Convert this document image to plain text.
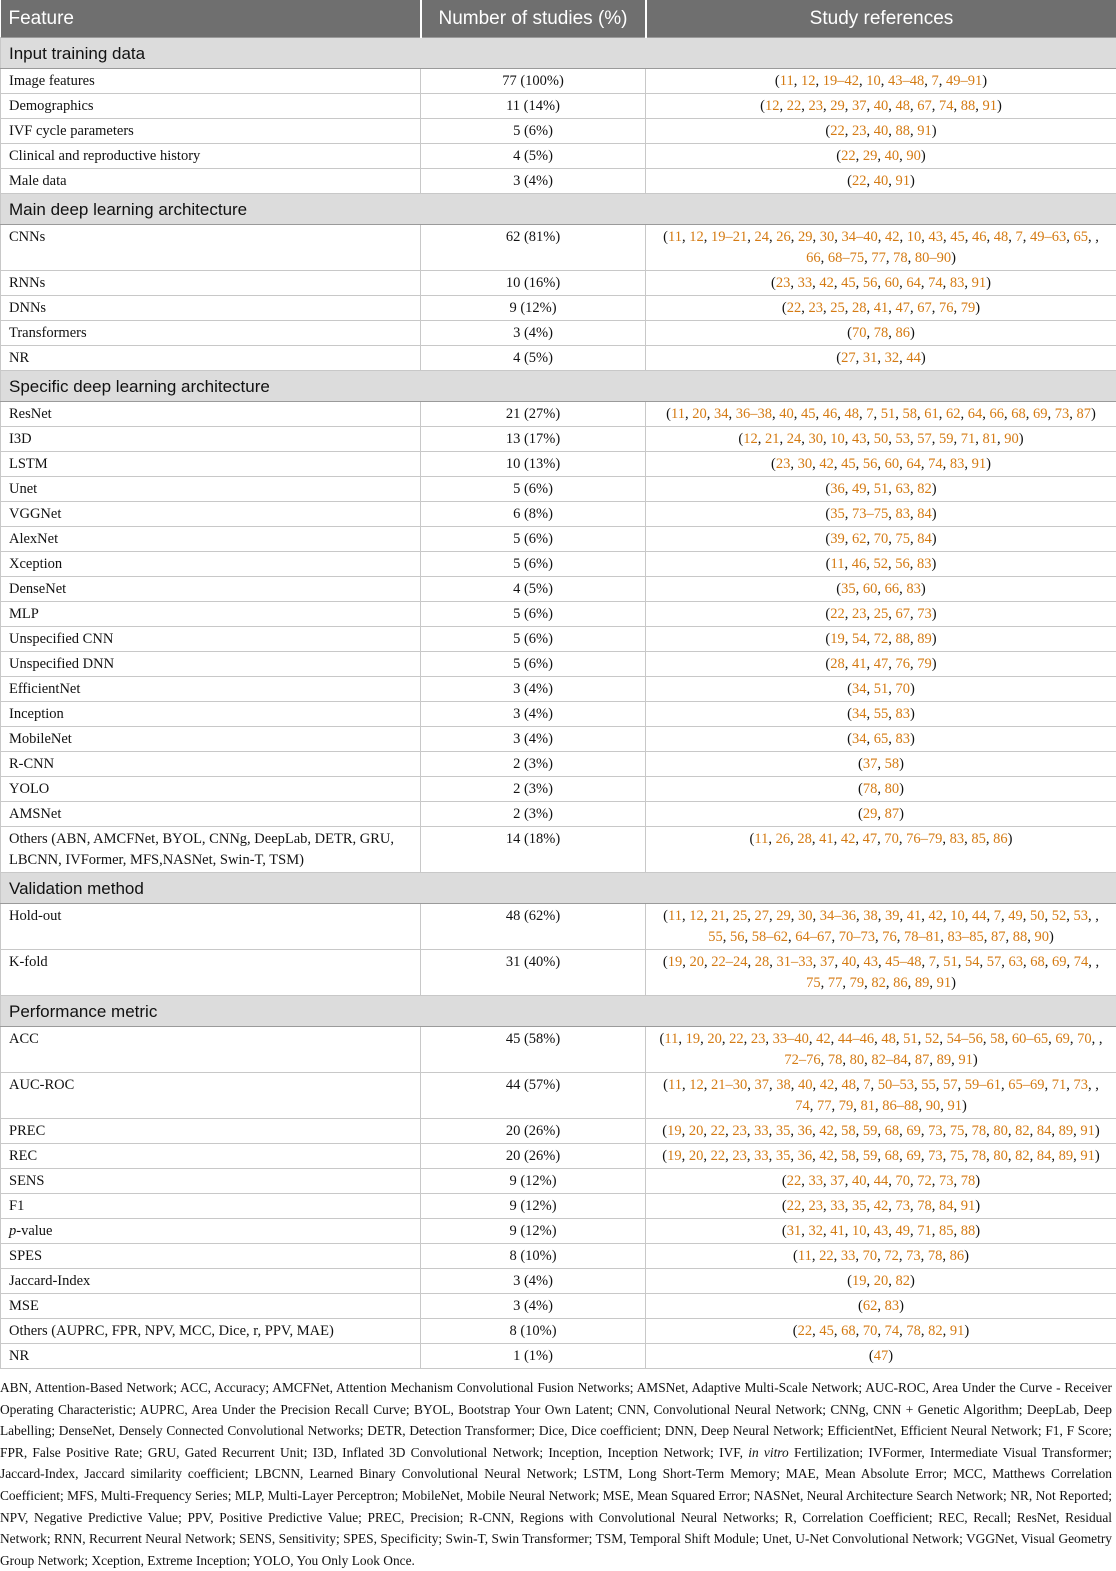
Feature	Number of studies (%)	Study references
Input training data		
Image features	77 (100%)	(11, 12, 19–42, 10, 43–48, 7, 49–91)
Demographics	11 (14%)	(12, 22, 23, 29, 37, 40, 48, 67, 74, 88, 91)
IVF cycle parameters	5 (6%)	(22, 23, 40, 88, 91)
Clinical and reproductive history	4 (5%)	(22, 29, 40, 90)
Male data	3 (4%)	(22, 40, 91)
Main deep learning architecture		
CNNs	62 (81%)	(11, 12, 19–21, 24, 26, 29, 30, 34–40, 42, 10, 43, 45, 46, 48, 7, 49–63, 65, ,
66, 68–75, 77, 78, 80–90)
RNNs	10 (16%)	(23, 33, 42, 45, 56, 60, 64, 74, 83, 91)
DNNs	9 (12%)	(22, 23, 25, 28, 41, 47, 67, 76, 79)
Transformers	3 (4%)	(70, 78, 86)
NR	4 (5%)	(27, 31, 32, 44)
Specific deep learning architecture		
ResNet	21 (27%)	(11, 20, 34, 36–38, 40, 45, 46, 48, 7, 51, 58, 61, 62, 64, 66, 68, 69, 73, 87)
I3D	13 (17%)	(12, 21, 24, 30, 10, 43, 50, 53, 57, 59, 71, 81, 90)
LSTM	10 (13%)	(23, 30, 42, 45, 56, 60, 64, 74, 83, 91)
Unet	5 (6%)	(36, 49, 51, 63, 82)
VGGNet	6 (8%)	(35, 73–75, 83, 84)
AlexNet	5 (6%)	(39, 62, 70, 75, 84)
Xception	5 (6%)	(11, 46, 52, 56, 83)
DenseNet	4 (5%)	(35, 60, 66, 83)
MLP	5 (6%)	(22, 23, 25, 67, 73)
Unspecified CNN	5 (6%)	(19, 54, 72, 88, 89)
Unspecified DNN	5 (6%)	(28, 41, 47, 76, 79)
EfficientNet	3 (4%)	(34, 51, 70)
Inception	3 (4%)	(34, 55, 83)
MobileNet	3 (4%)	(34, 65, 83)
R-CNN	2 (3%)	(37, 58)
YOLO	2 (3%)	(78, 80)
AMSNet	2 (3%)	(29, 87)
Others (ABN, AMCFNet, BYOL, CNNg, DeepLab, DETR, GRU, LBCNN, IVFormer, MFS,NASNet, Swin-T, TSM)	14 (18%)	(11, 26, 28, 41, 42, 47, 70, 76–79, 83, 85, 86)
Validation method		
Hold-out	48 (62%)	(11, 12, 21, 25, 27, 29, 30, 34–36, 38, 39, 41, 42, 10, 44, 7, 49, 50, 52, 53, ,
55, 56, 58–62, 64–67, 70–73, 76, 78–81, 83–85, 87, 88, 90)
K-fold	31 (40%)	(19, 20, 22–24, 28, 31–33, 37, 40, 43, 45–48, 7, 51, 54, 57, 63, 68, 69, 74, ,
75, 77, 79, 82, 86, 89, 91)
Performance metric		
ACC	45 (58%)	(11, 19, 20, 22, 23, 33–40, 42, 44–46, 48, 51, 52, 54–56, 58, 60–65, 69, 70, ,
72–76, 78, 80, 82–84, 87, 89, 91)
AUC-ROC	44 (57%)	(11, 12, 21–30, 37, 38, 40, 42, 48, 7, 50–53, 55, 57, 59–61, 65–69, 71, 73, ,
74, 77, 79, 81, 86–88, 90, 91)
PREC	20 (26%)	(19, 20, 22, 23, 33, 35, 36, 42, 58, 59, 68, 69, 73, 75, 78, 80, 82, 84, 89, 91)
REC	20 (26%)	(19, 20, 22, 23, 33, 35, 36, 42, 58, 59, 68, 69, 73, 75, 78, 80, 82, 84, 89, 91)
SENS	9 (12%)	(22, 33, 37, 40, 44, 70, 72, 73, 78)
F1	9 (12%)	(22, 23, 33, 35, 42, 73, 78, 84, 91)
p-value	9 (12%)	(31, 32, 41, 10, 43, 49, 71, 85, 88)
SPES	8 (10%)	(11, 22, 33, 70, 72, 73, 78, 86)
Jaccard-Index	3 (4%)	(19, 20, 82)
MSE	3 (4%)	(62, 83)
Others (AUPRC, FPR, NPV, MCC, Dice, r, PPV, MAE)	8 (10%)	(22, 45, 68, 70, 74, 78, 82, 91)
NR	1 (1%)	(47)

ABN, Attention-Based Network; ACC, Accuracy; AMCFNet, Attention Mechanism Convolutional Fusion Networks; AMSNet, Adaptive Multi-Scale Network; AUC-ROC, Area Under the Curve - Receiver Operating Characteristic; AUPRC, Area Under the Precision Recall Curve; BYOL, Bootstrap Your Own Latent; CNN, Convolutional Neural Network; CNNg, CNN + Genetic Algorithm; DeepLab, Deep Labelling; DenseNet, Densely Connected Convolutional Networks; DETR, Detection Transformer; Dice, Dice coefficient; DNN, Deep Neural Network; EfficientNet, Efficient Neural Network; F1, F Score; FPR, False Positive Rate; GRU, Gated Recurrent Unit; I3D, Inflated 3D Convolutional Network; Inception, Inception Network; IVF, in vitro Fertilization; IVFormer, Intermediate Visual Transformer; Jaccard-Index, Jaccard similarity coefficient; LBCNN, Learned Binary Convolutional Neural Network; LSTM, Long Short-Term Memory; MAE, Mean Absolute Error; MCC, Matthews Correlation Coefficient; MFS, Multi-Frequency Series; MLP, Multi-Layer Perceptron; MobileNet, Mobile Neural Network; MSE, Mean Squared Error; NASNet, Neural Architecture Search Network; NR, Not Reported; NPV, Negative Predictive Value; PPV, Positive Predictive Value; PREC, Precision; R-CNN, Regions with Convolutional Neural Networks; R, Correlation Coefficient; REC, Recall; ResNet, Residual Network; RNN, Recurrent Neural Network; SENS, Sensitivity; SPES, Specificity; Swin-T, Swin Transformer; TSM, Temporal Shift Module; Unet, U-Net Convolutional Network; VGGNet, Visual Geometry Group Network; Xception, Extreme Inception; YOLO, You Only Look Once.
